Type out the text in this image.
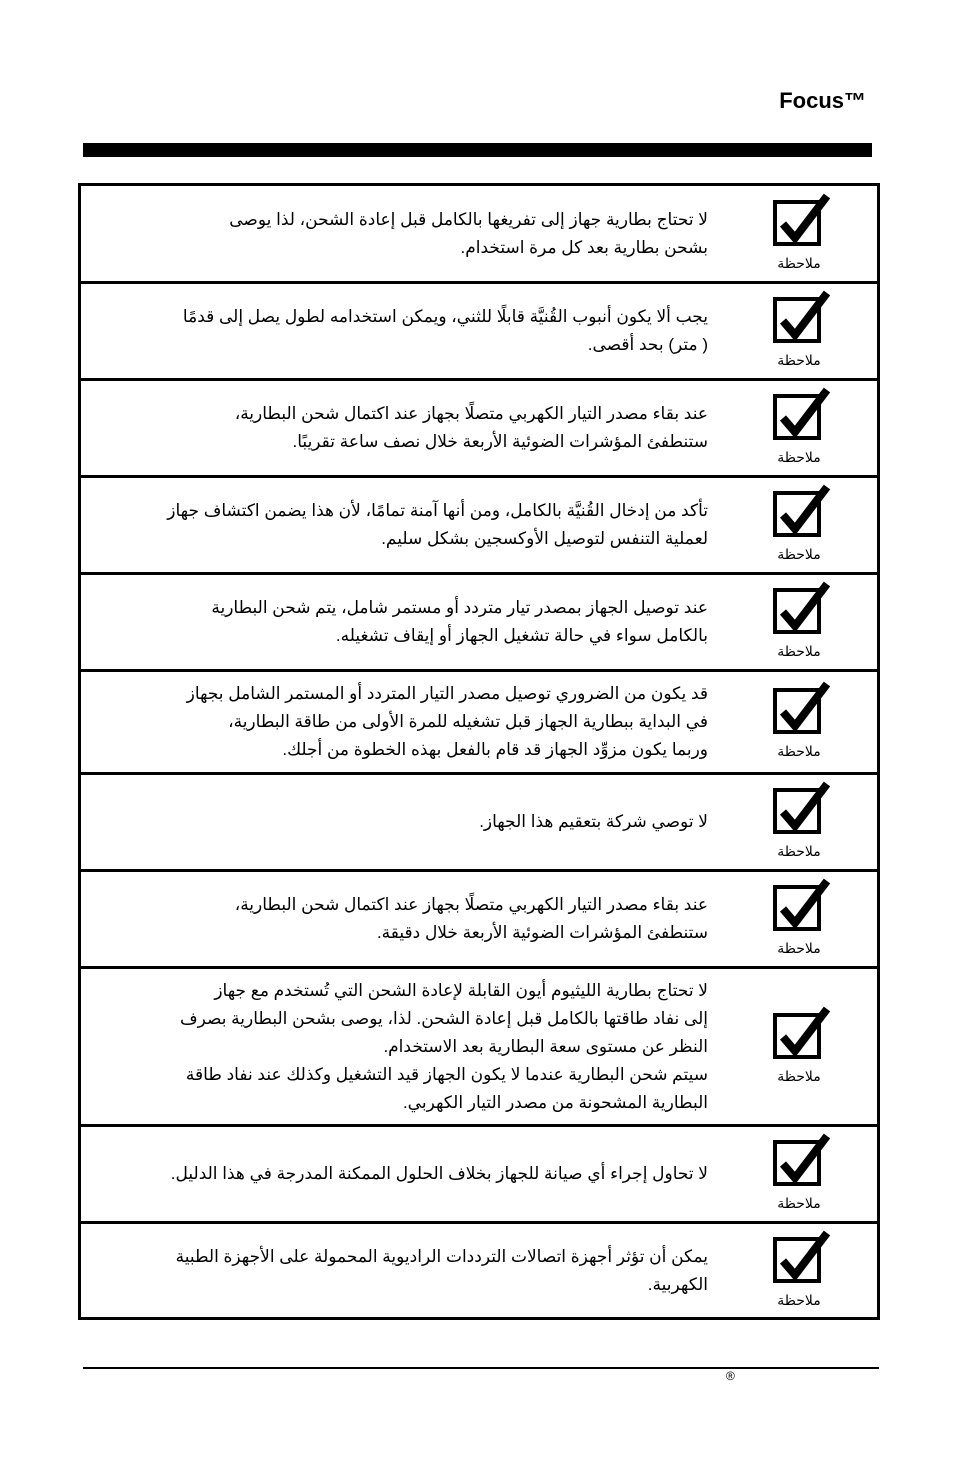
Focus™
لا تحتاج بطارية جهاز إلى تفريغها بالكامل قبل إعادة الشحن، لذا يوصى
بشحن بطارية بعد كل مرة استخدام.
ملاحظة
يجب ألا يكون أنبوب القُنيَّة قابلًا للثني، ويمكن استخدامه لطول يصل إلى قدمًا
( متر) بحد أقصى.
ملاحظة
عند بقاء مصدر التيار الكهربي متصلًا بجهاز عند اكتمال شحن البطارية،
ستنطفئ المؤشرات الضوئية الأربعة خلال نصف ساعة تقريبًا.
ملاحظة
تأكد من إدخال القُنيَّة بالكامل، ومن أنها آمنة تمامًا، لأن هذا يضمن اكتشاف جهاز
لعملية التنفس لتوصيل الأوكسجين بشكل سليم.
ملاحظة
عند توصيل الجهاز بمصدر تيار متردد أو مستمر شامل، يتم شحن البطارية
بالكامل سواء في حالة تشغيل الجهاز أو إيقاف تشغيله.
ملاحظة
قد يكون من الضروري توصيل مصدر التيار المتردد أو المستمر الشامل بجهاز
في البداية ببطارية الجهاز قبل تشغيله للمرة الأولى من طاقة البطارية،
وربما يكون مزوِّد الجهاز قد قام بالفعل بهذه الخطوة من أجلك.	ملاحظة
لا توصي شركة بتعقيم هذا الجهاز.
ملاحظة
عند بقاء مصدر التيار الكهربي متصلًا بجهاز عند اكتمال شحن البطارية،
ستنطفئ المؤشرات الضوئية الأربعة خلال دقيقة.
ملاحظة
لا تحتاج بطارية الليثيوم أيون القابلة لإعادة الشحن التي تُستخدم مع جهاز
إلى نفاد طاقتها بالكامل قبل إعادة الشحن. لذا، يوصى بشحن البطارية بصرف
النظر عن مستوى سعة البطارية بعد الاستخدام.
سيتم شحن البطارية عندما لا يكون الجهاز قيد التشغيل وكذلك عند نفاد طاقة
البطارية المشحونة من مصدر التيار الكهربي.
ملاحظة
لا تحاول إجراء أي صيانة للجهاز بخلاف الحلول الممكنة المدرجة في هذا الدليل.
ملاحظة
يمكن أن تؤثر أجهزة اتصالات الترددات الراديوية المحمولة على الأجهزة الطبية
الكهربية.
ملاحظة
®
